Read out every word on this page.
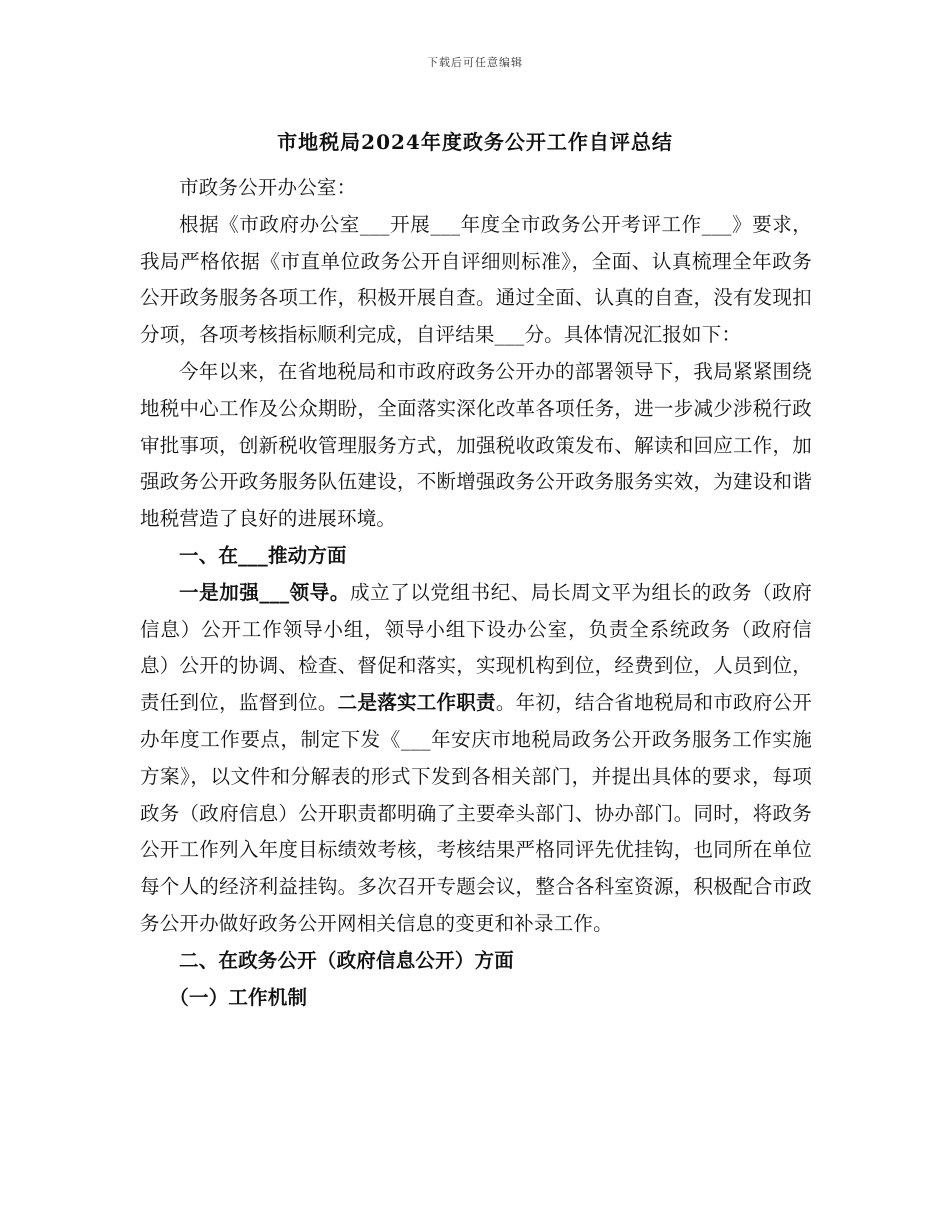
下载后可任意编辑
市地税局2024年度政务公开工作自评总结

市政务公开办公室：

根据《市政府办公室___开展___年度全市政务公开考评工作___》要求，我局严格依据《市直单位政务公开自评细则标准》，全面、认真梳理全年政务公开政务服务各项工作，积极开展自查。通过全面、认真的自查，没有发现扣分项，各项考核指标顺利完成，自评结果___分。具体情况汇报如下：

今年以来，在省地税局和市政府政务公开办的部署领导下，我局紧紧围绕地税中心工作及公众期盼，全面落实深化改革各项任务，进一步减少涉税行政审批事项，创新税收管理服务方式，加强税收政策发布、解读和回应工作，加强政务公开政务服务队伍建设，不断增强政务公开政务服务实效，为建设和谐地税营造了良好的进展环境。

一、在___推动方面

一是加强___领导。成立了以党组书纪、局长周文平为组长的政务（政府信息）公开工作领导小组，领导小组下设办公室，负责全系统政务（政府信息）公开的协调、检查、督促和落实，实现机构到位，经费到位，人员到位，责任到位，监督到位。二是落实工作职责。年初，结合省地税局和市政府公开办年度工作要点，制定下发《___年安庆市地税局政务公开政务服务工作实施方案》，以文件和分解表的形式下发到各相关部门，并提出具体的要求，每项政务（政府信息）公开职责都明确了主要牵头部门、协办部门。同时，将政务公开工作列入年度目标绩效考核，考核结果严格同评先优挂钩，也同所在单位每个人的经济利益挂钩。多次召开专题会议，整合各科室资源，积极配合市政务公开办做好政务公开网相关信息的变更和补录工作。

二、在政务公开（政府信息公开）方面

（一）工作机制
